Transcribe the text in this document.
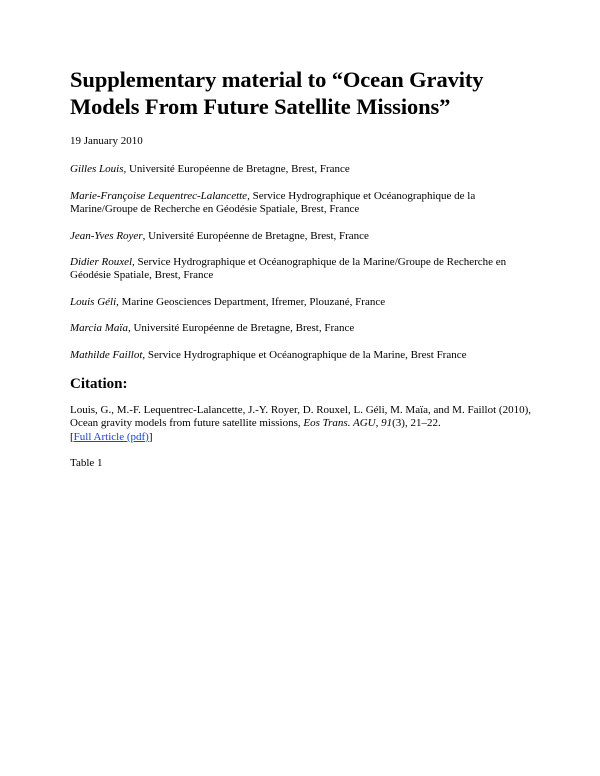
Supplementary material to “Ocean Gravity Models From Future Satellite Missions”

19 January 2010

Gilles Louis, Université Européenne de Bretagne, Brest, France

Marie-Françoise Lequentrec-Lalancette, Service Hydrographique et Océanographique de la Marine/Groupe de Recherche en Géodésie Spatiale, Brest, France

Jean-Yves Royer, Université Européenne de Bretagne, Brest, France

Didier Rouxel, Service Hydrographique et Océanographique de la Marine/Groupe de Recherche en Géodésie Spatiale, Brest, France

Louis Géli, Marine Geosciences Department, Ifremer, Plouzané, France

Marcia Maïa, Université Européenne de Bretagne, Brest, France

Mathilde Faillot, Service Hydrographique et Océanographique de la Marine, Brest France

Citation:

Louis, G., M.-F. Lequentrec-Lalancette, J.-Y. Royer, D. Rouxel, L. Géli, M. Maïa, and M. Faillot (2010), Ocean gravity models from future satellite missions, Eos Trans. AGU, 91(3), 21–22.
[Full Article (pdf)]

Table 1
